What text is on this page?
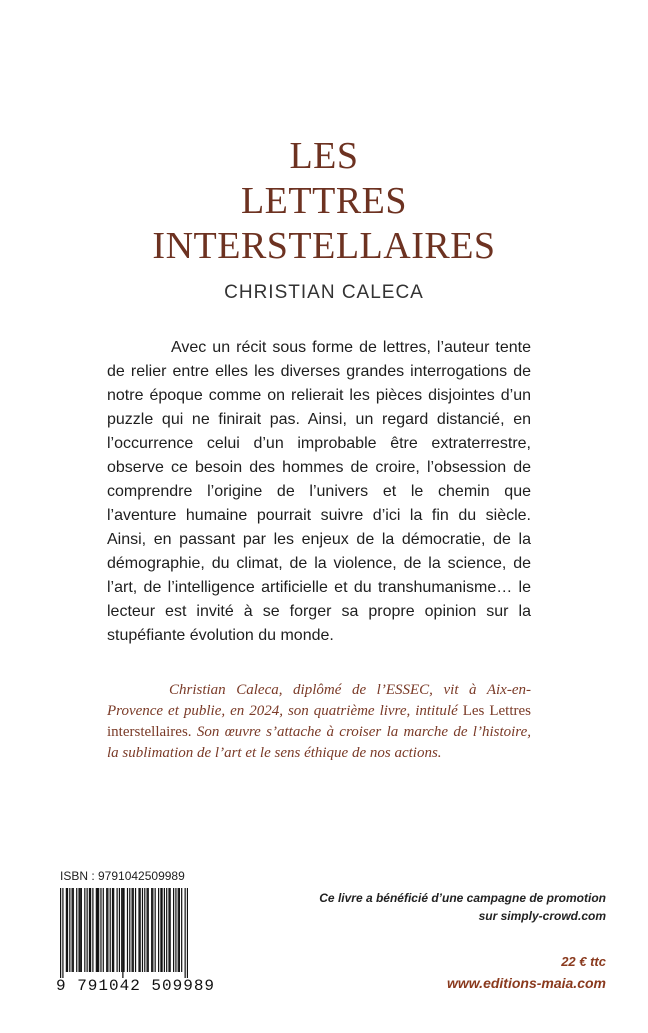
LES

LETTRES

INTERSTELLAIRES

CHRISTIAN CALECA

Avec un récit sous forme de lettres, l’auteur tente de relier entre elles les diverses grandes interrogations de notre époque comme on relierait les pièces disjointes d’un puzzle qui ne finirait pas. Ainsi, un regard distancié, en l’occurrence celui d’un improbable être extraterrestre, observe ce besoin des hommes de croire, l’obsession de comprendre l’origine de l’univers et le chemin que l’aventure humaine pourrait suivre d’ici la fin du siècle. Ainsi, en passant par les enjeux de la démocratie, de la démographie, du climat, de la violence, de la science, de l’art, de l’intelligence artificielle et du transhumanisme… le lecteur est invité à se forger sa propre opinion sur la stupéfiante évolution du monde.

Christian Caleca, diplômé de l’ESSEC, vit à Aix-en-Provence et publie, en 2024, son quatrième livre, intitulé Les Lettres interstellaires. Son œuvre s’attache à croiser la marche de l’histoire, la sublimation de l’art et le sens éthique de nos actions.

ISBN : 9791042509989
9 791042 509989

Ce livre a bénéficié d’une campagne de promotion
sur simply-crowd.com

22 € ttc
www.editions-maia.com
